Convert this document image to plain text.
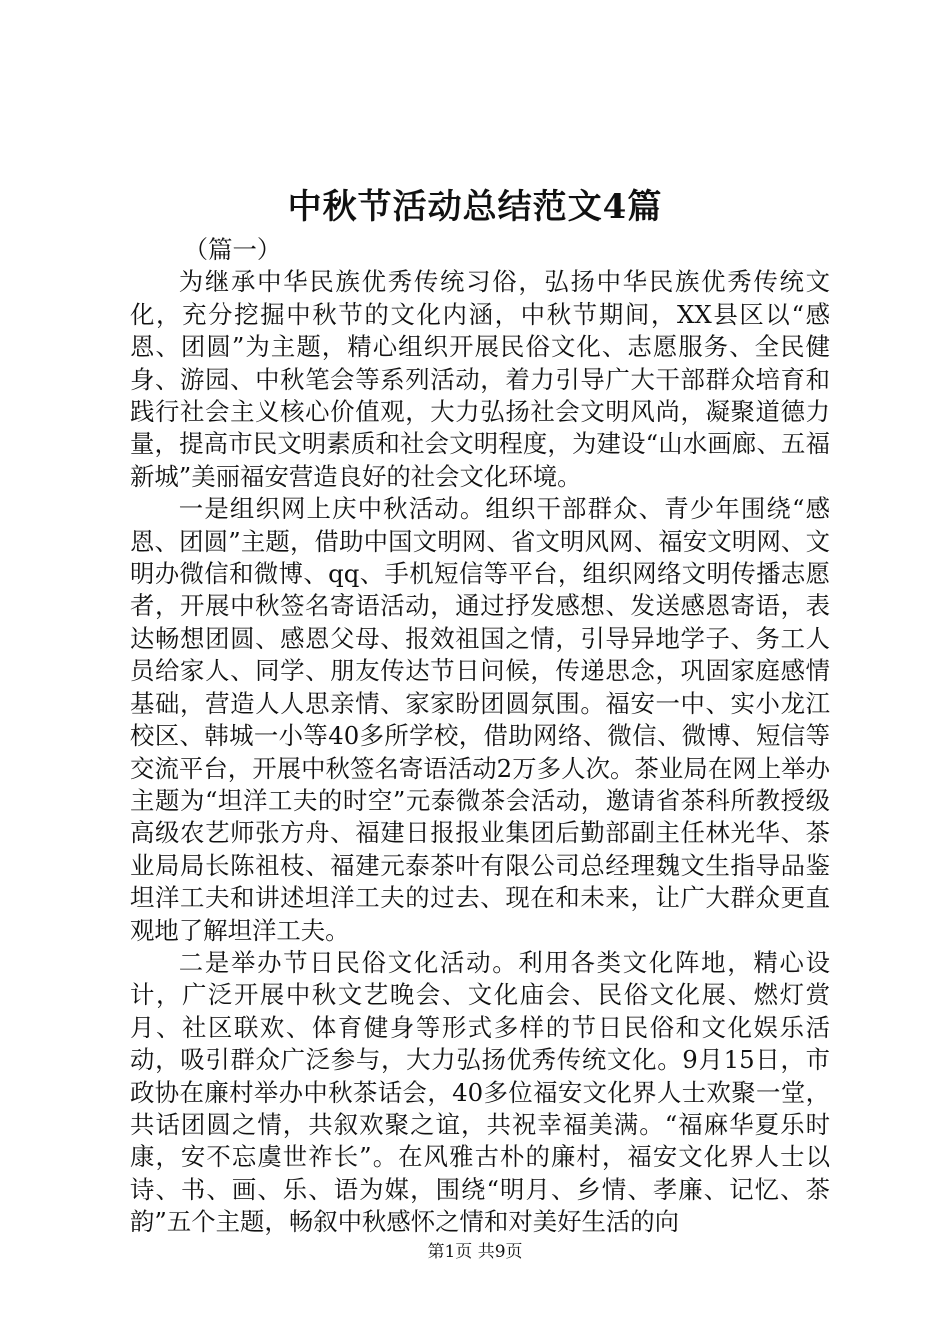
中秋节活动总结范文4篇

（篇一）

为继承中华民族优秀传统习俗，弘扬中华民族优秀传统文化，充分挖掘中秋节的文化内涵，中秋节期间，XX县区以“感恩、团圆”为主题，精心组织开展民俗文化、志愿服务、全民健身、游园、中秋笔会等系列活动，着力引导广大干部群众培育和践行社会主义核心价值观，大力弘扬社会文明风尚，凝聚道德力量，提高市民文明素质和社会文明程度，为建设“山水画廊、五福新城”美丽福安营造良好的社会文化环境。

一是组织网上庆中秋活动。组织干部群众、青少年围绕“感恩、团圆”主题，借助中国文明网、省文明风网、福安文明网、文明办微信和微博、qq、手机短信等平台，组织网络文明传播志愿者，开展中秋签名寄语活动，通过抒发感想、发送感恩寄语，表达畅想团圆、感恩父母、报效祖国之情，引导异地学子、务工人员给家人、同学、朋友传达节日问候，传递思念，巩固家庭感情基础，营造人人思亲情、家家盼团圆氛围。福安一中、实小龙江校区、韩城一小等40多所学校，借助网络、微信、微博、短信等交流平台，开展中秋签名寄语活动2万多人次。茶业局在网上举办主题为“坦洋工夫的时空”元泰微茶会活动，邀请省茶科所教授级高级农艺师张方舟、福建日报报业集团后勤部副主任林光华、茶业局局长陈祖枝、福建元泰茶叶有限公司总经理魏文生指导品鉴坦洋工夫和讲述坦洋工夫的过去、现在和未来，让广大群众更直观地了解坦洋工夫。

二是举办节日民俗文化活动。利用各类文化阵地，精心设计，广泛开展中秋文艺晚会、文化庙会、民俗文化展、燃灯赏月、社区联欢、体育健身等形式多样的节日民俗和文化娱乐活动，吸引群众广泛参与，大力弘扬优秀传统文化。9月15日，市政协在廉村举办中秋茶话会，40多位福安文化界人士欢聚一堂，共话团圆之情，共叙欢聚之谊，共祝幸福美满。“福麻华夏乐时康，安不忘虞世祚长”。在风雅古朴的廉村，福安文化界人士以诗、书、画、乐、语为媒，围绕“明月、乡情、孝廉、记忆、茶韵”五个主题，畅叙中秋感怀之情和对美好生活的向

第1页 共9页
